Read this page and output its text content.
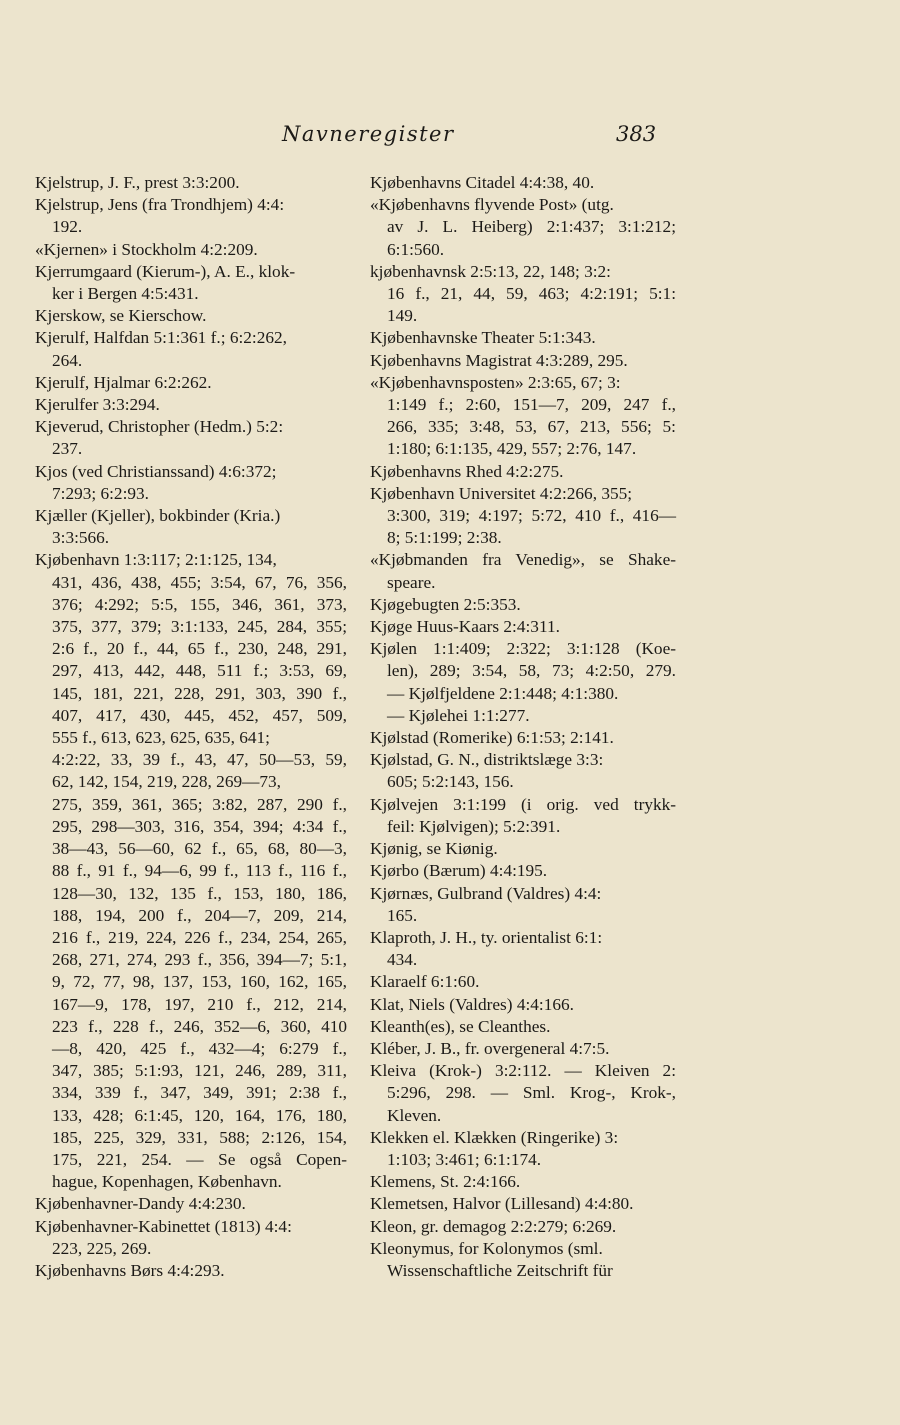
Navneregister	383
Kjelstrup, J. F., prest 3:3:200.
Kjelstrup, Jens (fra Trondhjem) 4:4:
192.
«Kjernen» i Stockholm 4:2:209.
Kjerrumgaard (Kierum-), A. E., klok-
ker i Bergen 4:5:431.
Kjerskow, se Kierschow.
Kjerulf, Halfdan 5:1:361 f.; 6:2:262,
264.
Kjerulf, Hjalmar 6:2:262.
Kjerulfer 3:3:294.
Kjeverud, Christopher (Hedm.) 5:2:
237.
Kjos (ved Christianssand) 4:6:372;
7:293; 6:2:93.
Kjæller (Kjeller), bokbinder (Kria.)
3:3:566.
Kjøbenhavn 1:3:117; 2:1:125, 134,
431, 436, 438, 455; 3:54, 67, 76, 356,
376; 4:292; 5:5, 155, 346, 361, 373,
375, 377, 379; 3:1:133, 245, 284, 355;
2:6 f., 20 f., 44, 65 f., 230, 248, 291,
297, 413, 442, 448, 511 f.; 3:53, 69,
145, 181, 221, 228, 291, 303, 390 f.,
407, 417, 430, 445, 452, 457, 509,
555 f., 613, 623, 625, 635, 641;
4:2:22, 33, 39 f., 43, 47, 50—53, 59,
62, 142, 154, 219, 228, 269—73,
275, 359, 361, 365; 3:82, 287, 290 f.,
295, 298—303, 316, 354, 394; 4:34 f.,
38—43, 56—60, 62 f., 65, 68, 80—3,
88 f., 91 f., 94—6, 99 f., 113 f., 116 f.,
128—30, 132, 135 f., 153, 180, 186,
188, 194, 200 f., 204—7, 209, 214,
216 f., 219, 224, 226 f., 234, 254, 265,
268, 271, 274, 293 f., 356, 394—7; 5:1,
9, 72, 77, 98, 137, 153, 160, 162, 165,
167—9, 178, 197, 210 f., 212, 214,
223 f., 228 f., 246, 352—6, 360, 410
—8, 420, 425 f., 432—4; 6:279 f.,
347, 385; 5:1:93, 121, 246, 289, 311,
334, 339 f., 347, 349, 391; 2:38 f.,
133, 428; 6:1:45, 120, 164, 176, 180,
185, 225, 329, 331, 588; 2:126, 154,
175, 221, 254. — Se også Copen-
hague, Kopenhagen, København.
Kjøbenhavner-Dandy 4:4:230.
Kjøbenhavner-Kabinettet (1813) 4:4:
223, 225, 269.
Kjøbenhavns Børs 4:4:293.
Kjøbenhavns Citadel 4:4:38, 40.
«Kjøbenhavns flyvende Post» (utg.
av J. L. Heiberg) 2:1:437; 3:1:212;
6:1:560.
kjøbenhavnsk 2:5:13, 22, 148; 3:2:
16 f., 21, 44, 59, 463; 4:2:191; 5:1:
149.
Kjøbenhavnske Theater 5:1:343.
Kjøbenhavns Magistrat 4:3:289, 295.
«Kjøbenhavnsposten» 2:3:65, 67; 3:
1:149 f.; 2:60, 151—7, 209, 247 f.,
266, 335; 3:48, 53, 67, 213, 556; 5:
1:180; 6:1:135, 429, 557; 2:76, 147.
Kjøbenhavns Rhed 4:2:275.
Kjøbenhavn Universitet 4:2:266, 355;
3:300, 319; 4:197; 5:72, 410 f., 416—
8; 5:1:199; 2:38.
«Kjøbmanden fra Venedig», se Shake-
speare.
Kjøgebugten 2:5:353.
Kjøge Huus-Kaars 2:4:311.
Kjølen 1:1:409; 2:322; 3:1:128 (Koe-
len), 289; 3:54, 58, 73; 4:2:50, 279.
— Kjølfjeldene 2:1:448; 4:1:380.
— Kjølehei 1:1:277.
Kjølstad (Romerike) 6:1:53; 2:141.
Kjølstad, G. N., distriktslæge 3:3:
605; 5:2:143, 156.
Kjølvejen 3:1:199 (i orig. ved trykk-
feil: Kjølvigen); 5:2:391.
Kjønig, se Kiønig.
Kjørbo (Bærum) 4:4:195.
Kjørnæs, Gulbrand (Valdres) 4:4:
165.
Klaproth, J. H., ty. orientalist 6:1:
434.
Klaraelf 6:1:60.
Klat, Niels (Valdres) 4:4:166.
Kleanth(es), se Cleanthes.
Kléber, J. B., fr. overgeneral 4:7:5.
Kleiva (Krok-) 3:2:112. — Kleiven 2:
5:296, 298. — Sml. Krog-, Krok-,
Kleven.
Klekken el. Klækken (Ringerike) 3:
1:103; 3:461; 6:1:174.
Klemens, St. 2:4:166.
Klemetsen, Halvor (Lillesand) 4:4:80.
Kleon, gr. demagog 2:2:279; 6:269.
Kleonymus, for Kolonymos (sml.
Wissenschaftliche Zeitschrift für
